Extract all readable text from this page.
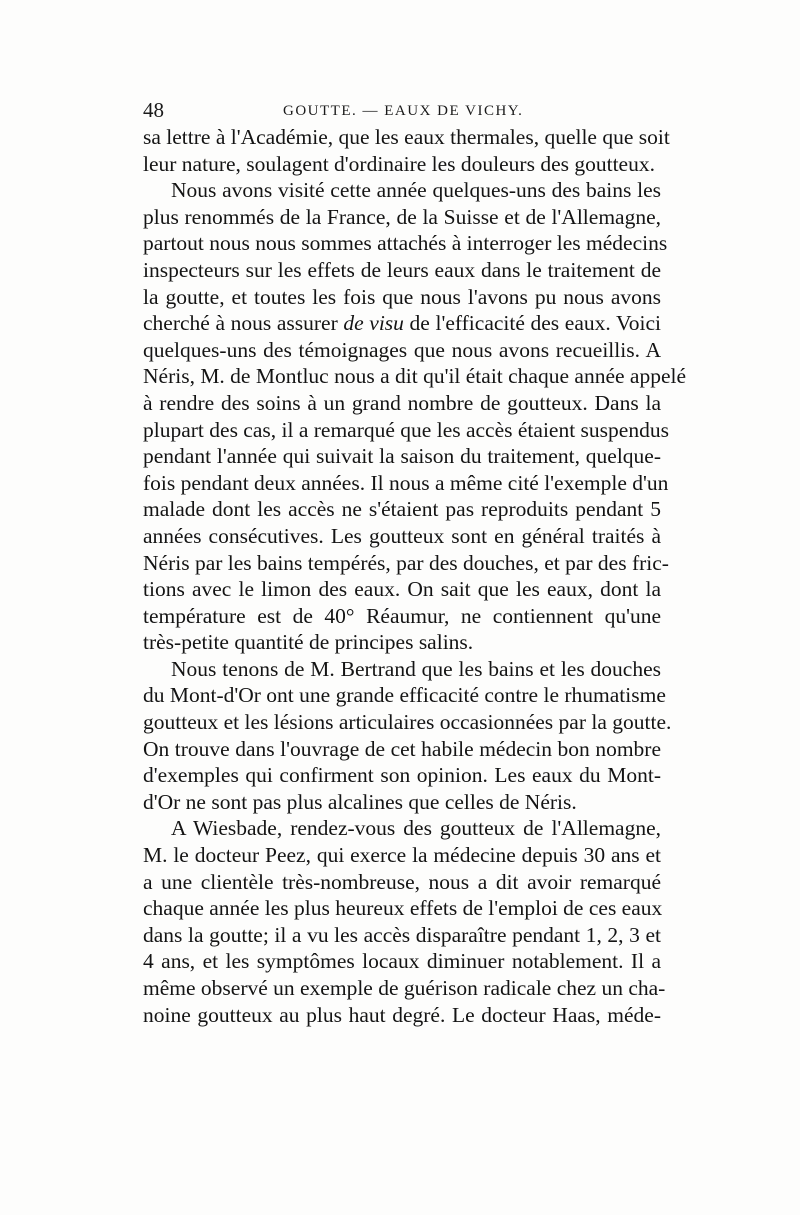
48	GOUTTE. — EAUX DE VICHY.

sa lettre à l'Académie, que les eaux thermales, quelle que soit
leur nature, soulagent d'ordinaire les douleurs des goutteux.

Nous avons visité cette année quelques-uns des bains les
plus renommés de la France, de la Suisse et de l'Allemagne,
partout nous nous sommes attachés à interroger les médecins
inspecteurs sur les effets de leurs eaux dans le traitement de
la goutte, et toutes les fois que nous l'avons pu nous avons
cherché à nous assurer de visu de l'efficacité des eaux. Voici
quelques-uns des témoignages que nous avons recueillis. A
Néris, M. de Montluc nous a dit qu'il était chaque année appelé
à rendre des soins à un grand nombre de goutteux. Dans la
plupart des cas, il a remarqué que les accès étaient suspendus
pendant l'année qui suivait la saison du traitement, quelque-
fois pendant deux années. Il nous a même cité l'exemple d'un
malade dont les accès ne s'étaient pas reproduits pendant 5
années consécutives. Les goutteux sont en général traités à
Néris par les bains tempérés, par des douches, et par des fric-
tions avec le limon des eaux. On sait que les eaux, dont la
température est de 40° Réaumur, ne contiennent qu'une
très-petite quantité de principes salins.

Nous tenons de M. Bertrand que les bains et les douches
du Mont-d'Or ont une grande efficacité contre le rhumatisme
goutteux et les lésions articulaires occasionnées par la goutte.
On trouve dans l'ouvrage de cet habile médecin bon nombre
d'exemples qui confirment son opinion. Les eaux du Mont-
d'Or ne sont pas plus alcalines que celles de Néris.

A Wiesbade, rendez-vous des goutteux de l'Allemagne,
M. le docteur Peez, qui exerce la médecine depuis 30 ans et
a une clientèle très-nombreuse, nous a dit avoir remarqué
chaque année les plus heureux effets de l'emploi de ces eaux
dans la goutte; il a vu les accès disparaître pendant 1, 2, 3 et
4 ans, et les symptômes locaux diminuer notablement. Il a
même observé un exemple de guérison radicale chez un cha-
noine goutteux au plus haut degré. Le docteur Haas, méde-
